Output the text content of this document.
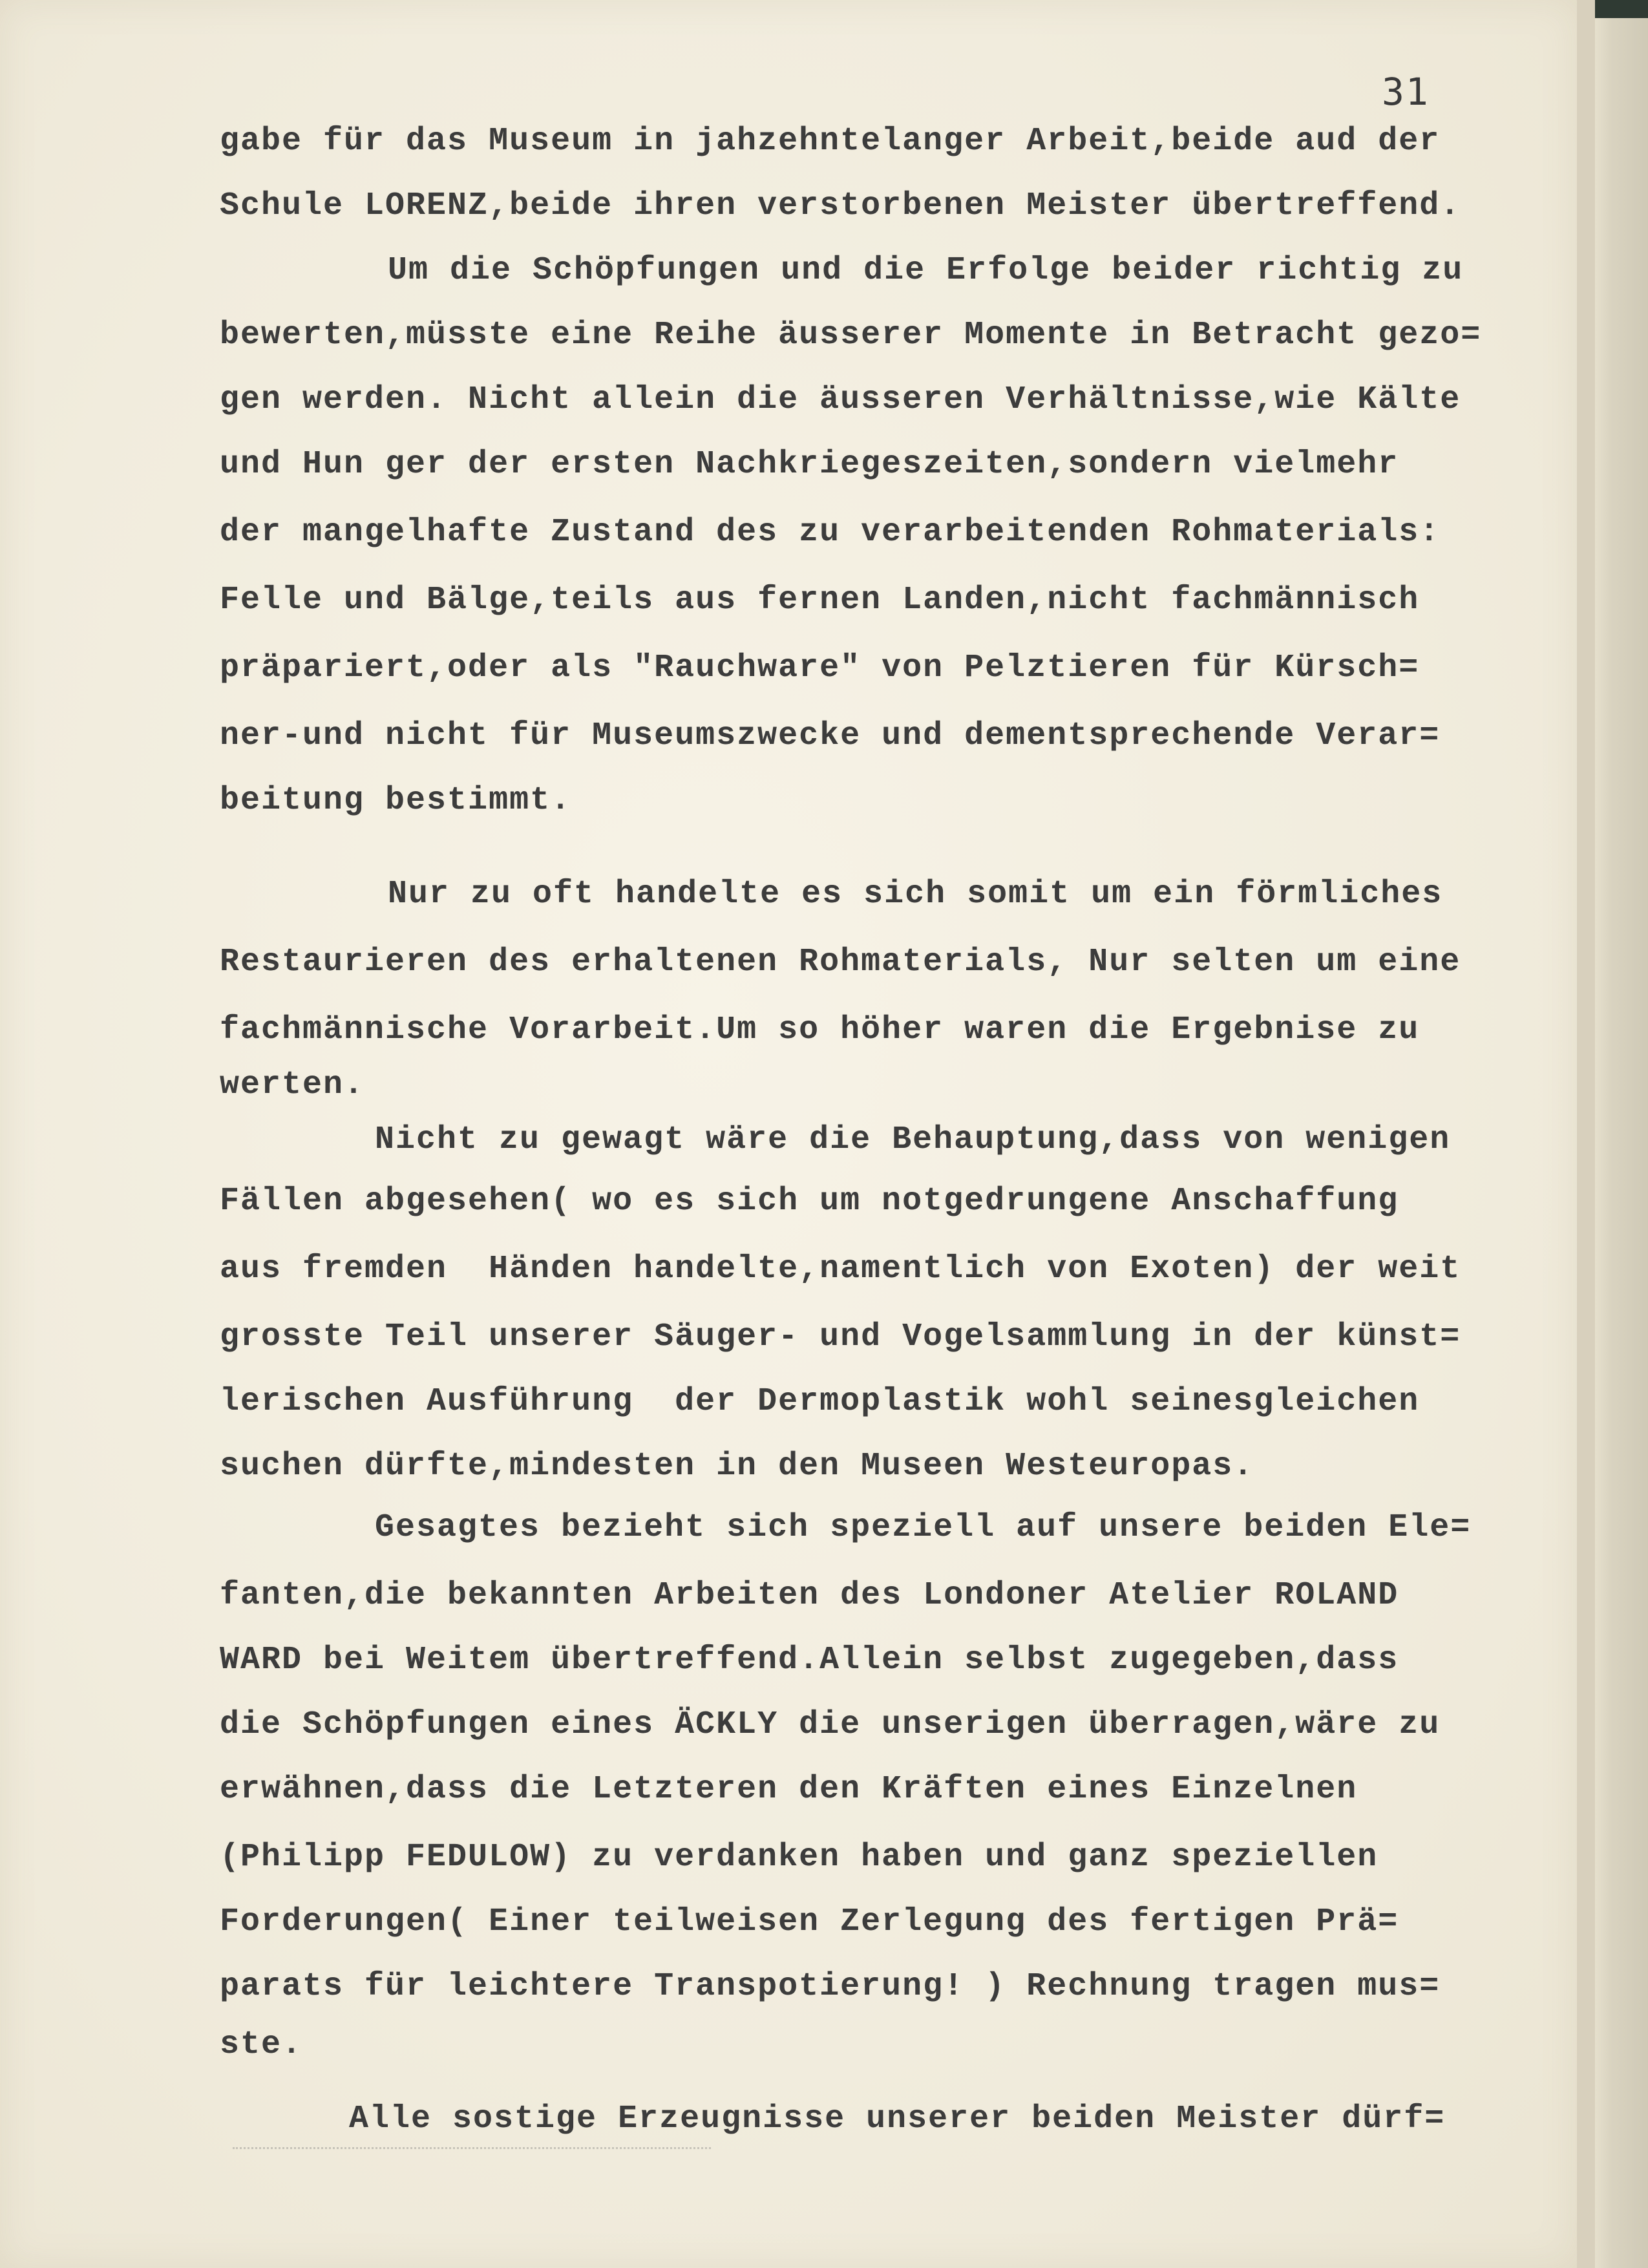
31
gabe für das Museum in jahzehntelanger Arbeit,beide aud der
Schule LORENZ,beide ihren verstorbenen Meister übertreffend.
Um die Schöpfungen und die Erfolge beider richtig zu
bewerten,müsste eine Reihe äusserer Momente in Betracht gezo=
gen werden. Nicht allein die äusseren Verhältnisse,wie Kälte
und Hun ger der ersten Nachkriegeszeiten,sondern vielmehr
der mangelhafte Zustand des zu verarbeitenden Rohmaterials:
Felle und Bälge,teils aus fernen Landen,nicht fachmännisch
präpariert,oder als "Rauchware" von Pelztieren für Kürsch=
ner-und nicht für Museumszwecke und dementsprechende Verar=
beitung bestimmt.
Nur zu oft handelte es sich somit um ein förmliches
Restaurieren des erhaltenen Rohmaterials, Nur selten um eine
fachmännische Vorarbeit.Um so höher waren die Ergebnise zu
werten.
Nicht zu gewagt wäre die Behauptung,dass von wenigen
Fällen abgesehen( wo es sich um notgedrungene Anschaffung
aus fremden  Händen handelte,namentlich von Exoten) der weit
grosste Teil unserer Säuger- und Vogelsammlung in der künst=
lerischen Ausführung  der Dermoplastik wohl seinesgleichen
suchen dürfte,mindesten in den Museen Westeuropas.
Gesagtes bezieht sich speziell auf unsere beiden Ele=
fanten,die bekannten Arbeiten des Londoner Atelier ROLAND
WARD bei Weitem übertreffend.Allein selbst zugegeben,dass
die Schöpfungen eines ÄCKLY die unserigen überragen,wäre zu
erwähnen,dass die Letzteren den Kräften eines Einzelnen
(Philipp FEDULOW) zu verdanken haben und ganz speziellen
Forderungen( Einer teilweisen Zerlegung des fertigen Prä=
parats für leichtere Transpotierung! ) Rechnung tragen mus=
ste.
Alle sostige Erzeugnisse unserer beiden Meister dürf=
